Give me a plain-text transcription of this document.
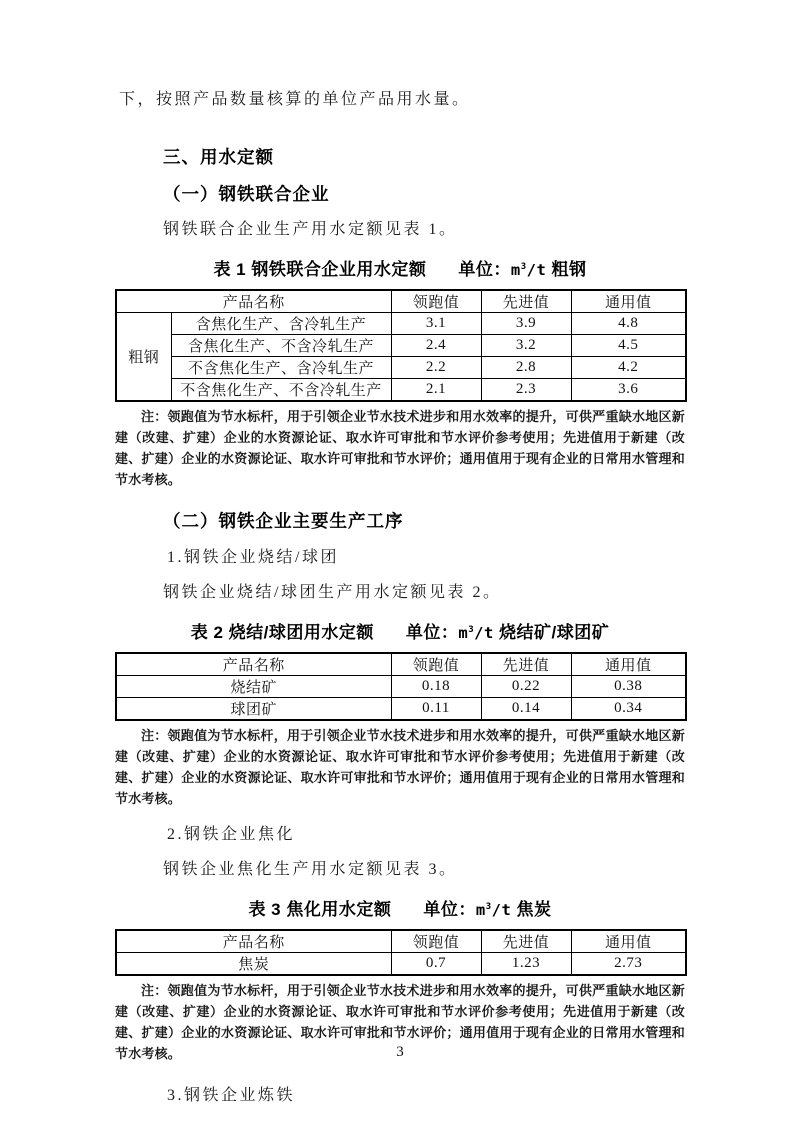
下，按照产品数量核算的单位产品用水量。

三、用水定额

（一）钢铁联合企业

钢铁联合企业生产用水定额见表 1。

表 1 钢铁联合企业用水定额 单位：$m^3/t$ 粗钢
产品名称		领跑值	先进值	通用值
粗钢	含焦化生产、含冷轧生产	3.1	3.9	4.8
	含焦化生产、不含冷轧生产	2.4	3.2	4.5
	不含焦化生产、含冷轧生产	2.2	2.8	4.2
	不含焦化生产、不含冷轧生产	2.1	2.3	3.6

注：领跑值为节水标杆，用于引领企业节水技术进步和用水效率的提升，可供严重缺水地区新建（改建、扩建）企业的水资源论证、取水许可审批和节水评价参考使用；先进值用于新建（改建、扩建）企业的水资源论证、取水许可审批和节水评价；通用值用于现有企业的日常用水管理和节水考核。

（二）钢铁企业主要生产工序

1.钢铁企业烧结/球团

钢铁企业烧结/球团生产用水定额见表 2。

表 2 烧结/球团用水定额 单位：$m^3/t$ 烧结矿/球团矿
产品名称	领跑值	先进值	通用值
烧结矿	0.18	0.22	0.38
球团矿	0.11	0.14	0.34

注：领跑值为节水标杆，用于引领企业节水技术进步和用水效率的提升，可供严重缺水地区新建（改建、扩建）企业的水资源论证、取水许可审批和节水评价参考使用；先进值用于新建（改建、扩建）企业的水资源论证、取水许可审批和节水评价；通用值用于现有企业的日常用水管理和节水考核。

2.钢铁企业焦化

钢铁企业焦化生产用水定额见表 3。

表 3 焦化用水定额 单位：$m^3/t$ 焦炭
产品名称	领跑值	先进值	通用值
焦炭	0.7	1.23	2.73

注：领跑值为节水标杆，用于引领企业节水技术进步和用水效率的提升，可供严重缺水地区新建（改建、扩建）企业的水资源论证、取水许可审批和节水评价参考使用；先进值用于新建（改建、扩建）企业的水资源论证、取水许可审批和节水评价；通用值用于现有企业的日常用水管理和节水考核。

3.钢铁企业炼铁

3
